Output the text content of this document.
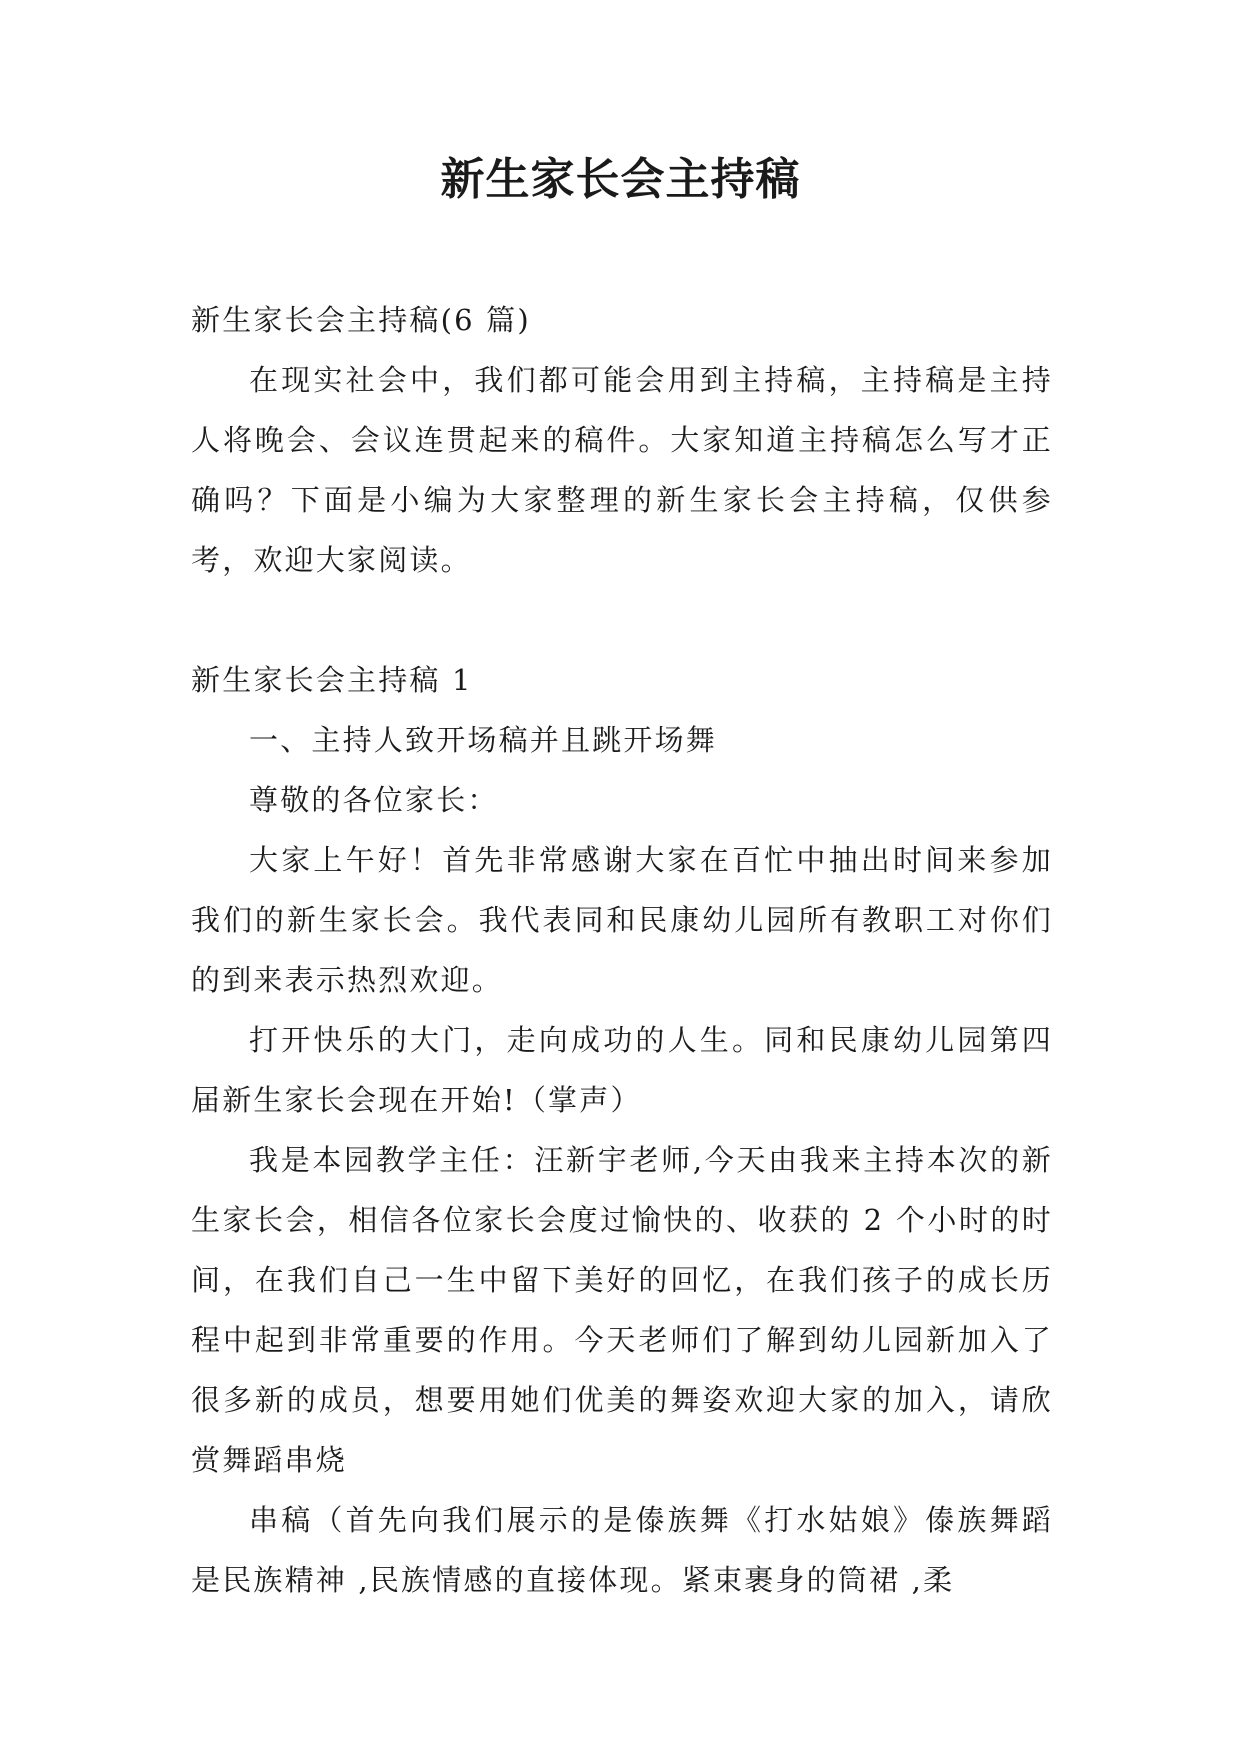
新生家长会主持稿

新生家长会主持稿(6 篇)

在现实社会中，我们都可能会用到主持稿，主持稿是主持人将晚会、会议连贯起来的稿件。大家知道主持稿怎么写才正确吗？下面是小编为大家整理的新生家长会主持稿，仅供参考，欢迎大家阅读。

新生家长会主持稿 1

一、主持人致开场稿并且跳开场舞

尊敬的各位家长：

大家上午好！首先非常感谢大家在百忙中抽出时间来参加我们的新生家长会。我代表同和民康幼儿园所有教职工对你们的到来表示热烈欢迎。

打开快乐的大门，走向成功的人生。同和民康幼儿园第四届新生家长会现在开始!（掌声）

我是本园教学主任：汪新宇老师,今天由我来主持本次的新生家长会，相信各位家长会度过愉快的、收获的 2 个小时的时间，在我们自己一生中留下美好的回忆，在我们孩子的成长历程中起到非常重要的作用。今天老师们了解到幼儿园新加入了很多新的成员，想要用她们优美的舞姿欢迎大家的加入，请欣赏舞蹈串烧

串稿（首先向我们展示的是傣族舞《打水姑娘》傣族舞蹈是民族精神 ,民族情感的直接体现。紧束裹身的筒裙 ,柔
